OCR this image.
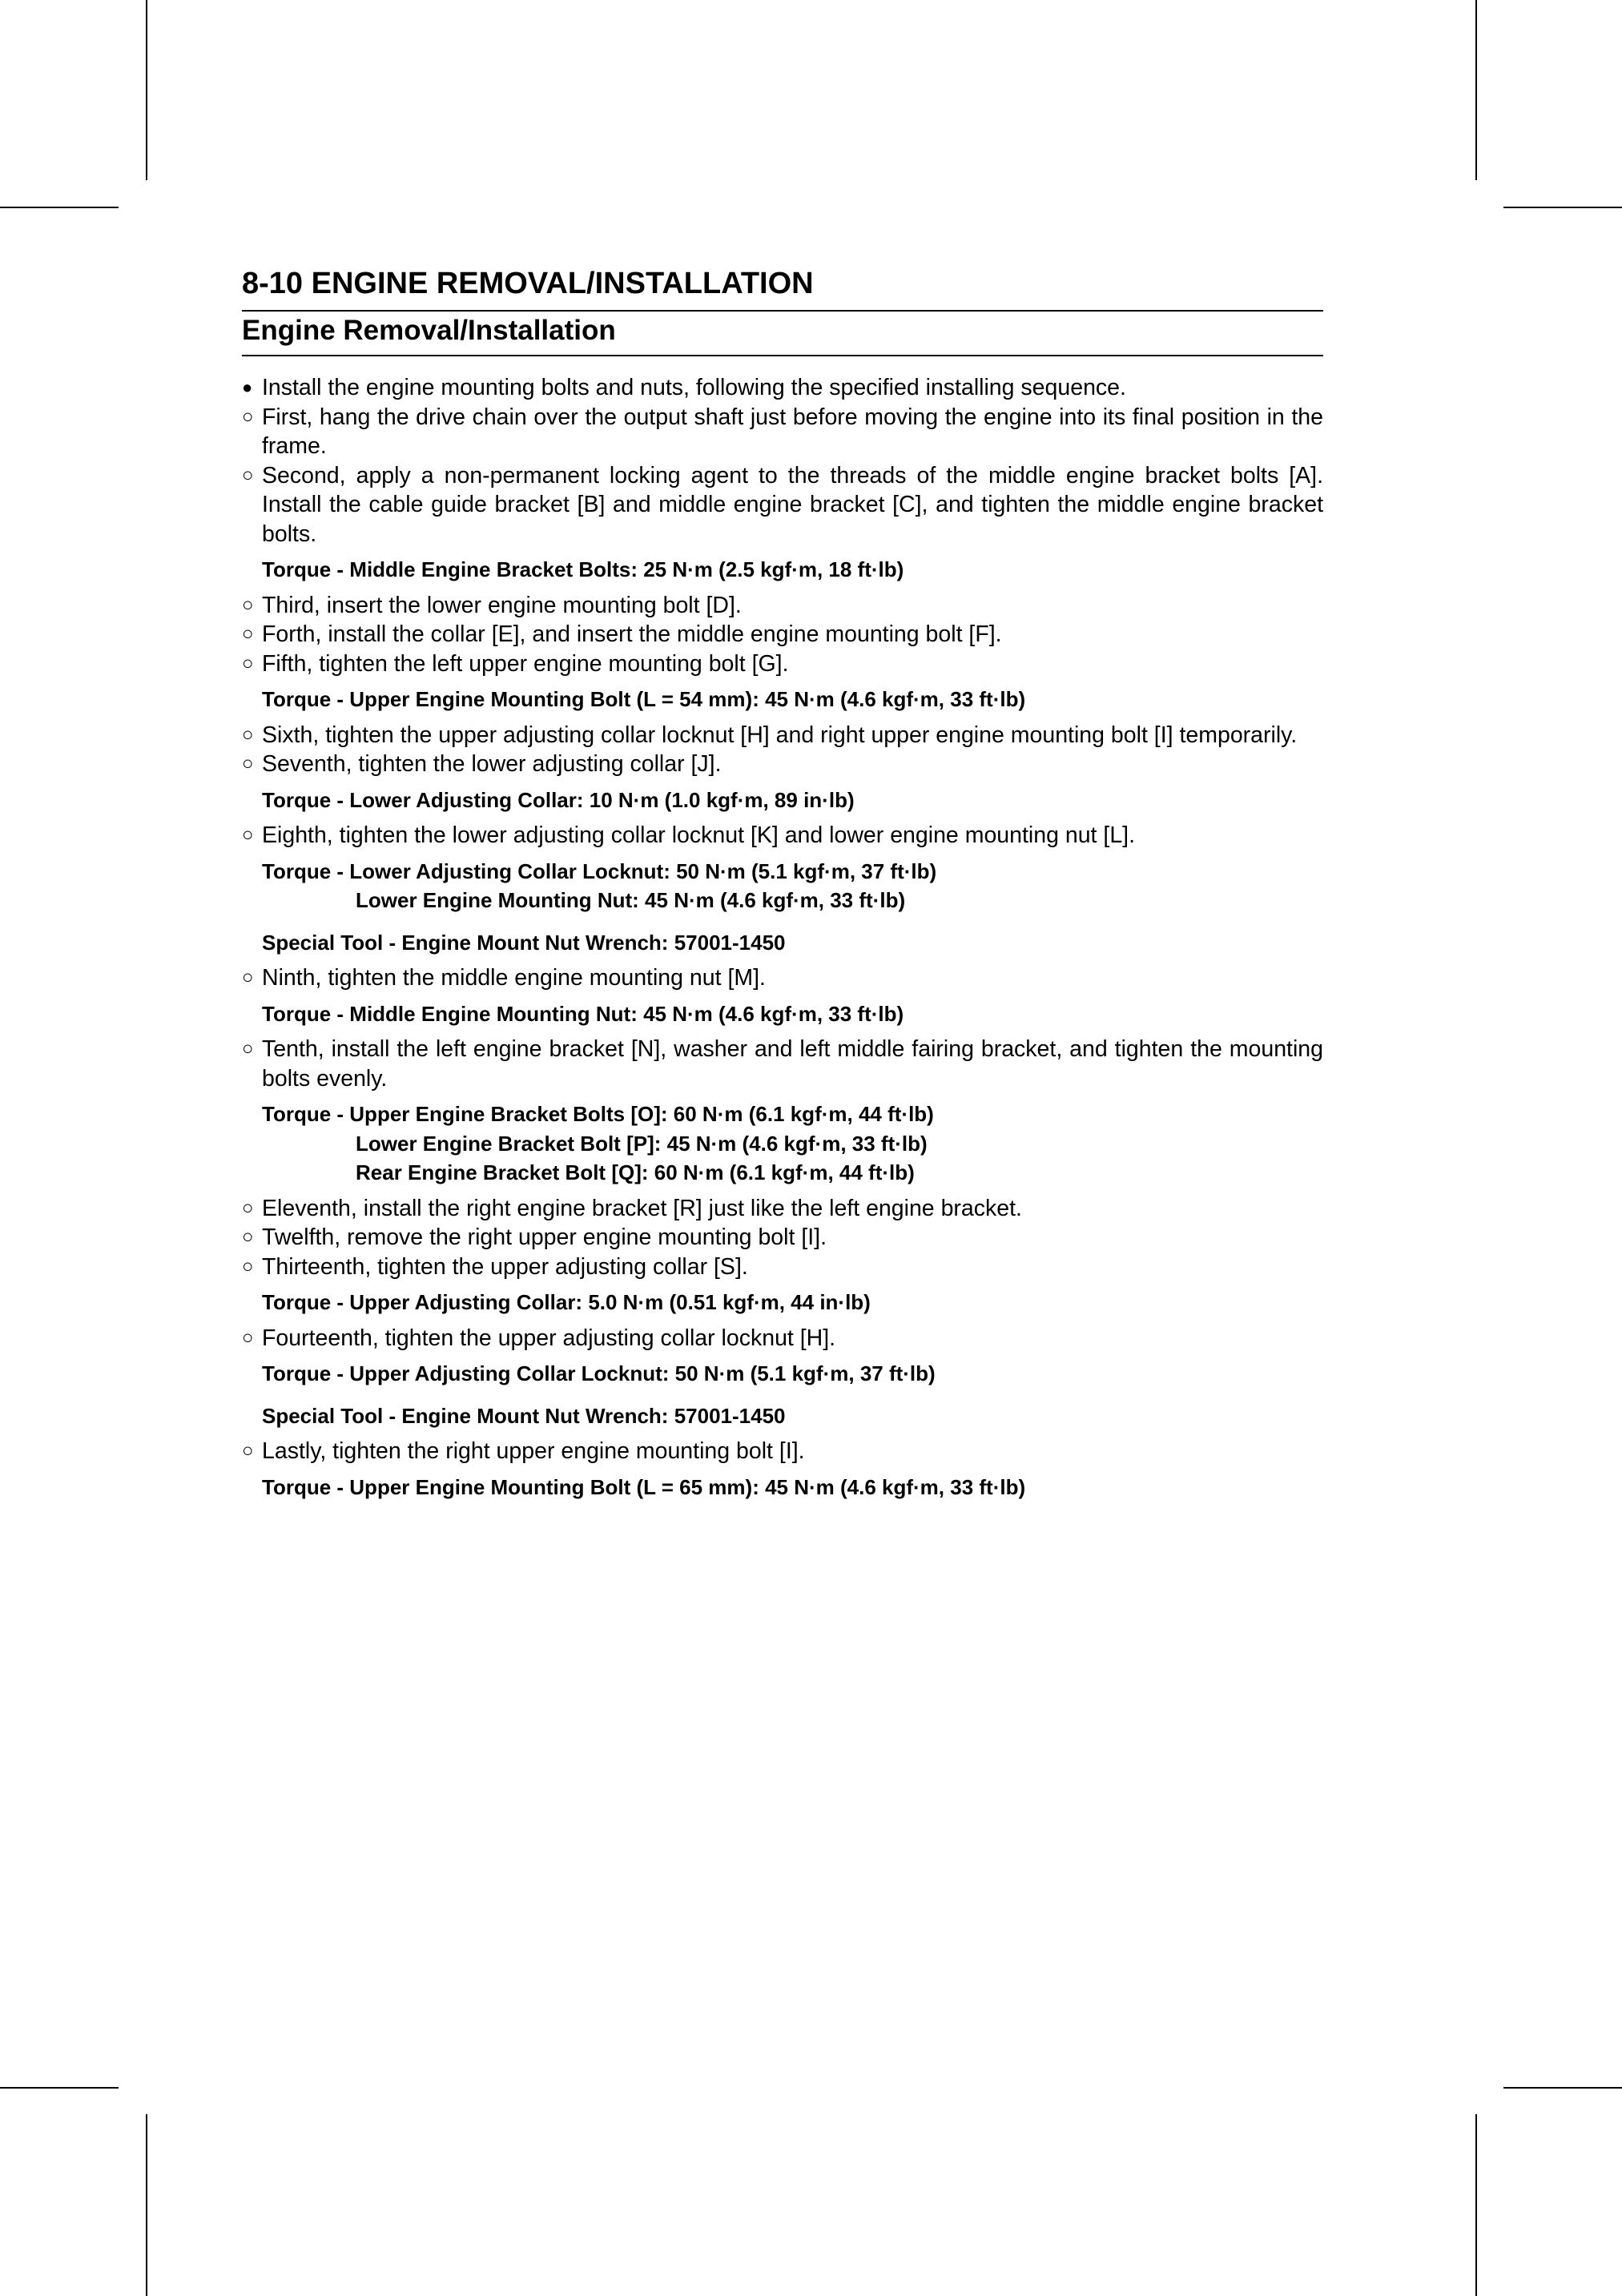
8-10 ENGINE REMOVAL/INSTALLATION
Engine Removal/Installation
● Install the engine mounting bolts and nuts, following the specified installing sequence.
○ First, hang the drive chain over the output shaft just before moving the engine into its final position in the frame.
○ Second, apply a non-permanent locking agent to the threads of the middle engine bracket bolts [A]. Install the cable guide bracket [B] and middle engine bracket [C], and tighten the middle engine bracket bolts.
Torque - Middle Engine Bracket Bolts: 25 N·m (2.5 kgf·m, 18 ft·lb)
○ Third, insert the lower engine mounting bolt [D].
○ Forth, install the collar [E], and insert the middle engine mounting bolt [F].
○ Fifth, tighten the left upper engine mounting bolt [G].
Torque - Upper Engine Mounting Bolt (L = 54 mm): 45 N·m (4.6 kgf·m, 33 ft·lb)
○ Sixth, tighten the upper adjusting collar locknut [H] and right upper engine mounting bolt [I] temporarily.
○ Seventh, tighten the lower adjusting collar [J].
Torque - Lower Adjusting Collar: 10 N·m (1.0 kgf·m, 89 in·lb)
○ Eighth, tighten the lower adjusting collar locknut [K] and lower engine mounting nut [L].
Torque - Lower Adjusting Collar Locknut: 50 N·m (5.1 kgf·m, 37 ft·lb)
Lower Engine Mounting Nut: 45 N·m (4.6 kgf·m, 33 ft·lb)
Special Tool - Engine Mount Nut Wrench: 57001-1450
○ Ninth, tighten the middle engine mounting nut [M].
Torque - Middle Engine Mounting Nut: 45 N·m (4.6 kgf·m, 33 ft·lb)
○ Tenth, install the left engine bracket [N], washer and left middle fairing bracket, and tighten the mounting bolts evenly.
Torque - Upper Engine Bracket Bolts [O]: 60 N·m (6.1 kgf·m, 44 ft·lb)
Lower Engine Bracket Bolt [P]: 45 N·m (4.6 kgf·m, 33 ft·lb)
Rear Engine Bracket Bolt [Q]: 60 N·m (6.1 kgf·m, 44 ft·lb)
○ Eleventh, install the right engine bracket [R] just like the left engine bracket.
○ Twelfth, remove the right upper engine mounting bolt [I].
○ Thirteenth, tighten the upper adjusting collar [S].
Torque - Upper Adjusting Collar: 5.0 N·m (0.51 kgf·m, 44 in·lb)
○ Fourteenth, tighten the upper adjusting collar locknut [H].
Torque - Upper Adjusting Collar Locknut: 50 N·m (5.1 kgf·m, 37 ft·lb)
Special Tool - Engine Mount Nut Wrench: 57001-1450
○ Lastly, tighten the right upper engine mounting bolt [I].
Torque - Upper Engine Mounting Bolt (L = 65 mm): 45 N·m (4.6 kgf·m, 33 ft·lb)
